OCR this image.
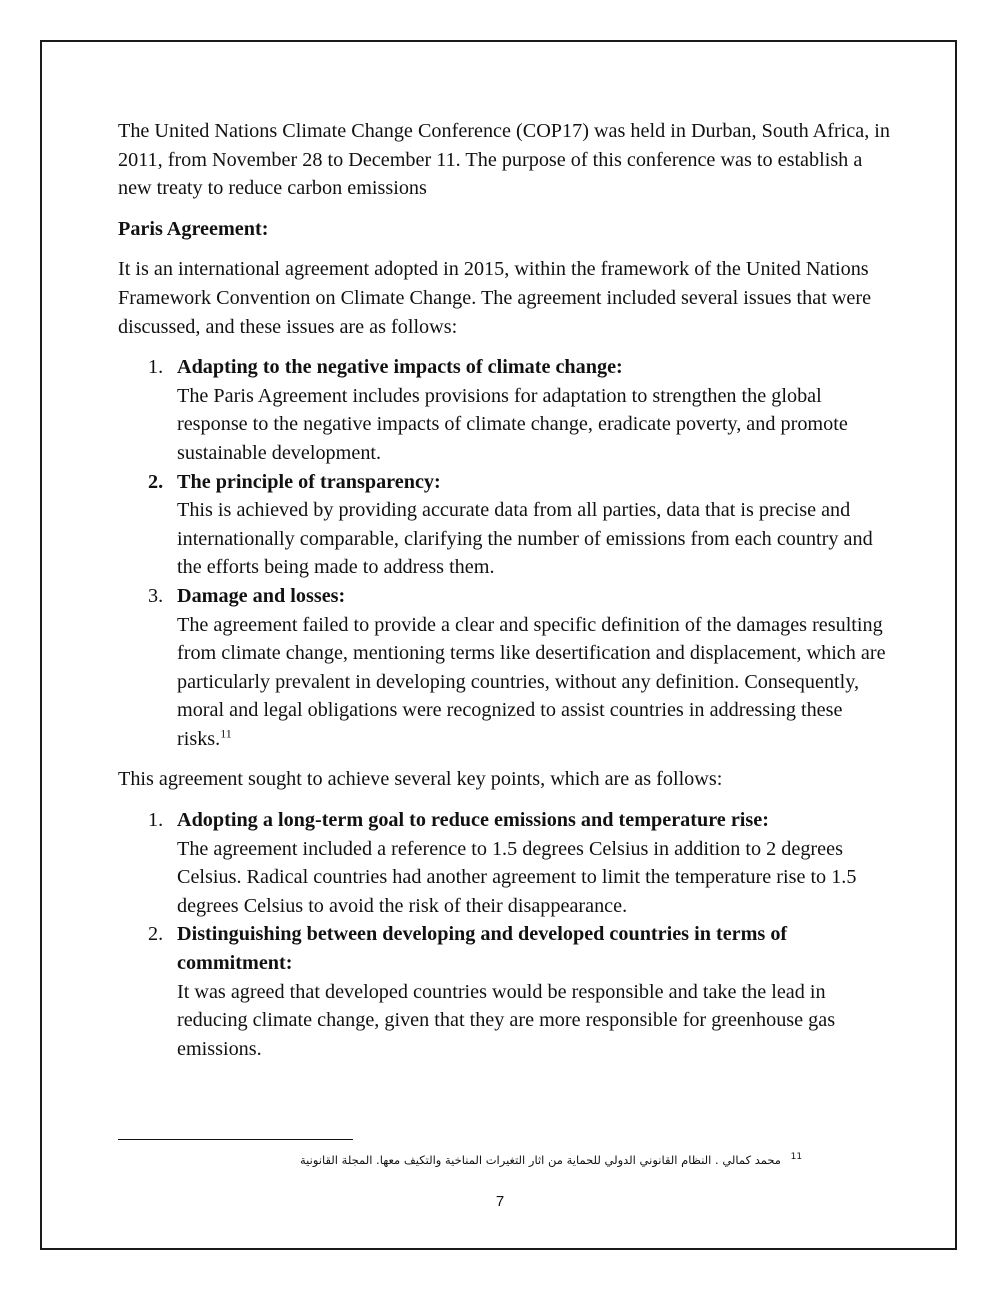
The United Nations Climate Change Conference (COP17) was held in Durban, South Africa, in 2011, from November 28 to December 11. The purpose of this conference was to establish a new treaty to reduce carbon emissions

Paris Agreement:

It is an international agreement adopted in 2015, within the framework of the United Nations Framework Convention on Climate Change. The agreement included several issues that were discussed, and these issues are as follows:

1. Adapting to the negative impacts of climate change:
The Paris Agreement includes provisions for adaptation to strengthen the global response to the negative impacts of climate change, eradicate poverty, and promote sustainable development.
2. The principle of transparency:
This is achieved by providing accurate data from all parties, data that is precise and internationally comparable, clarifying the number of emissions from each country and the efforts being made to address them.
3. Damage and losses:
The agreement failed to provide a clear and specific definition of the damages resulting from climate change, mentioning terms like desertification and displacement, which are particularly prevalent in developing countries, without any definition. Consequently, moral and legal obligations were recognized to assist countries in addressing these risks.$^{11}$

This agreement sought to achieve several key points, which are as follows:

1. Adopting a long-term goal to reduce emissions and temperature rise:
The agreement included a reference to 1.5 degrees Celsius in addition to 2 degrees Celsius. Radical countries had another agreement to limit the temperature rise to 1.5 degrees Celsius to avoid the risk of their disappearance.
2. Distinguishing between developing and developed countries in terms of commitment:
It was agreed that developed countries would be responsible and take the lead in reducing climate change, given that they are more responsible for greenhouse gas emissions.
$^{11}$ محمد كمالي . النظام القانوني الدولي للحماية من اثار التغيرات المناخية والتكيف معها. المجلة القانونية
7
